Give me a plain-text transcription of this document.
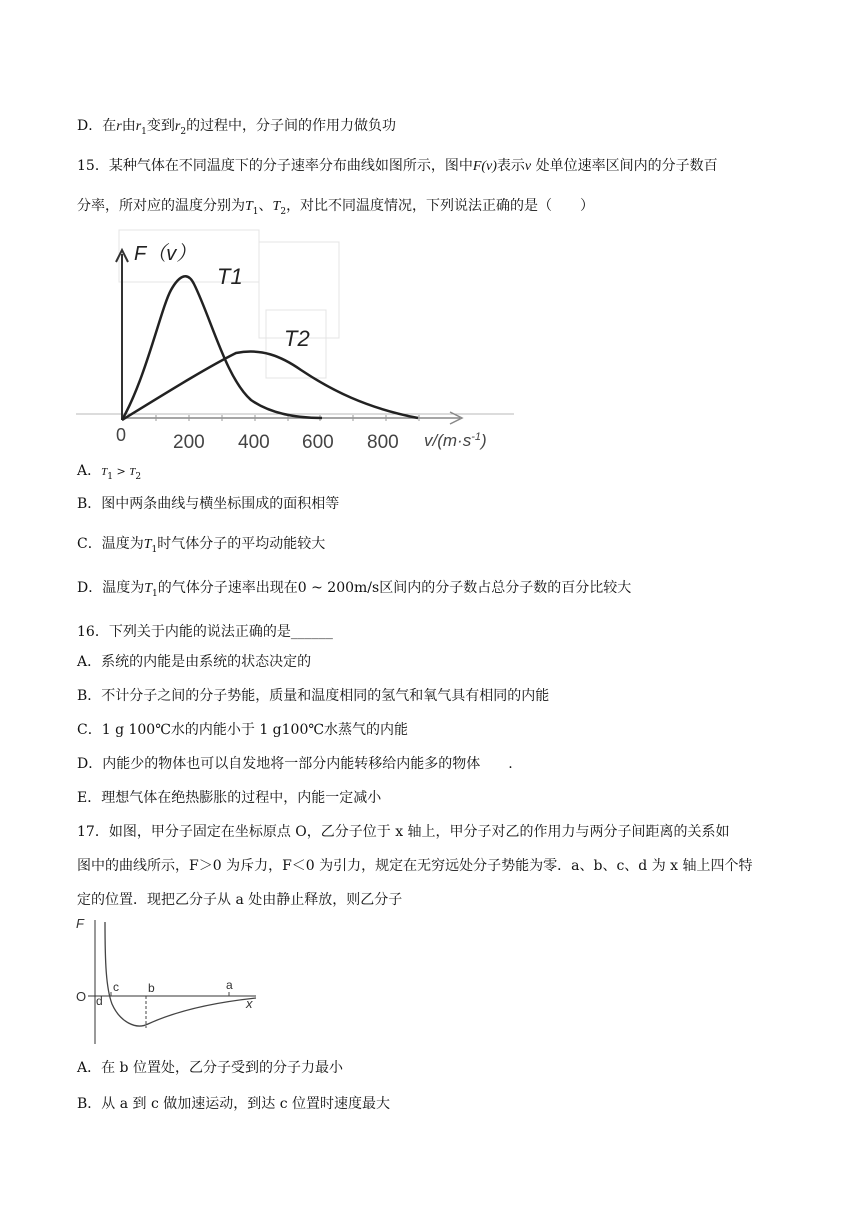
D．在r由$r_1$变到$r_2$的过程中，分子间的作用力做负功
15．某种气体在不同温度下的分子速率分布曲线如图所示，图中F(v)表示v 处单位速率区间内的分子数百
分率，所对应的温度分别为$T_1$、$T_2$，对比不同温度情况，下列说法正确的是（　　）
F（v）
T1
T2
0 200 400 600 800 $v/(m\cdot s^{-1})$
A．$T_1 > T_2$
B．图中两条曲线与横坐标围成的面积相等
C．温度为$T_1$时气体分子的平均动能较大
D．温度为$T_1$的气体分子速率出现在0 ~ 200m/s区间内的分子数占总分子数的百分比较大
16．下列关于内能的说法正确的是______
A．系统的内能是由系统的状态决定的
B．不计分子之间的分子势能，质量和温度相同的氢气和氧气具有相同的内能
C．1 g 100℃水的内能小于 1 g100℃水蒸气的内能
D．内能少的物体也可以自发地将一部分内能转移给内能多的物体　　.
E．理想气体在绝热膨胀的过程中，内能一定减小
17．如图，甲分子固定在坐标原点 O，乙分子位于 x 轴上，甲分子对乙的作用力与两分子间距离的关系如
图中的曲线所示，F＞0 为斥力，F＜0 为引力，规定在无穷远处分子势能为零．a、b、c、d 为 x 轴上四个特
定的位置．现把乙分子从 a 处由静止释放，则乙分子
F
O d
c b	a
x
A．在 b 位置处，乙分子受到的分子力最小
B．从 a 到 c 做加速运动，到达 c 位置时速度最大
